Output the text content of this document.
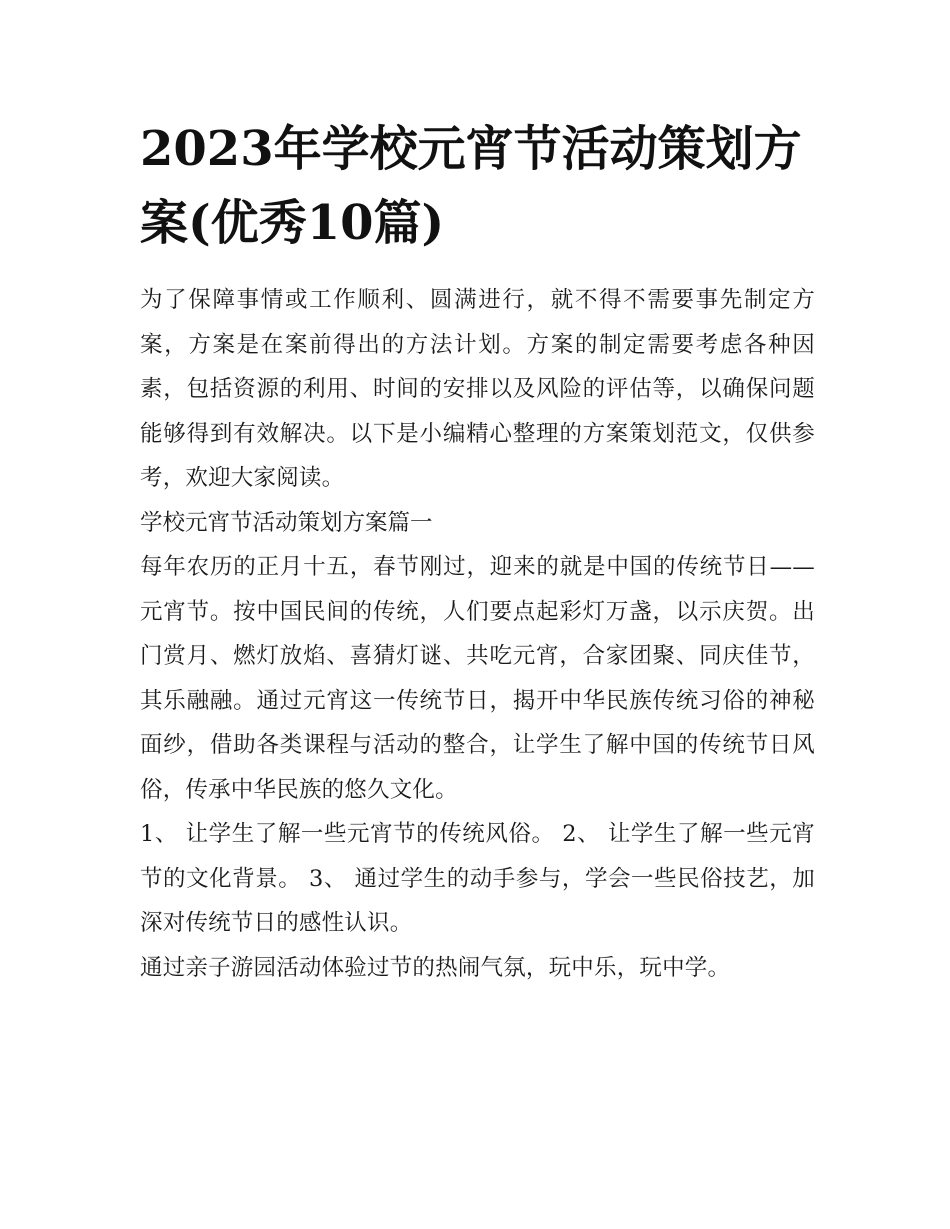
2023年学校元宵节活动策划方案(优秀10篇)

为了保障事情或工作顺利、圆满进行，就不得不需要事先制定方案，方案是在案前得出的方法计划。方案的制定需要考虑各种因素，包括资源的利用、时间的安排以及风险的评估等，以确保问题能够得到有效解决。以下是小编精心整理的方案策划范文，仅供参考，欢迎大家阅读。

学校元宵节活动策划方案篇一

每年农历的正月十五，春节刚过，迎来的就是中国的传统节日——元宵节。按中国民间的传统，人们要点起彩灯万盏，以示庆贺。出门赏月、燃灯放焰、喜猜灯谜、共吃元宵，合家团聚、同庆佳节，其乐融融。通过元宵这一传统节日，揭开中华民族传统习俗的神秘面纱，借助各类课程与活动的整合，让学生了解中国的传统节日风俗，传承中华民族的悠久文化。

1、 让学生了解一些元宵节的传统风俗。 2、 让学生了解一些元宵节的文化背景。 3、 通过学生的动手参与，学会一些民俗技艺，加深对传统节日的感性认识。

通过亲子游园活动体验过节的热闹气氛，玩中乐，玩中学。
